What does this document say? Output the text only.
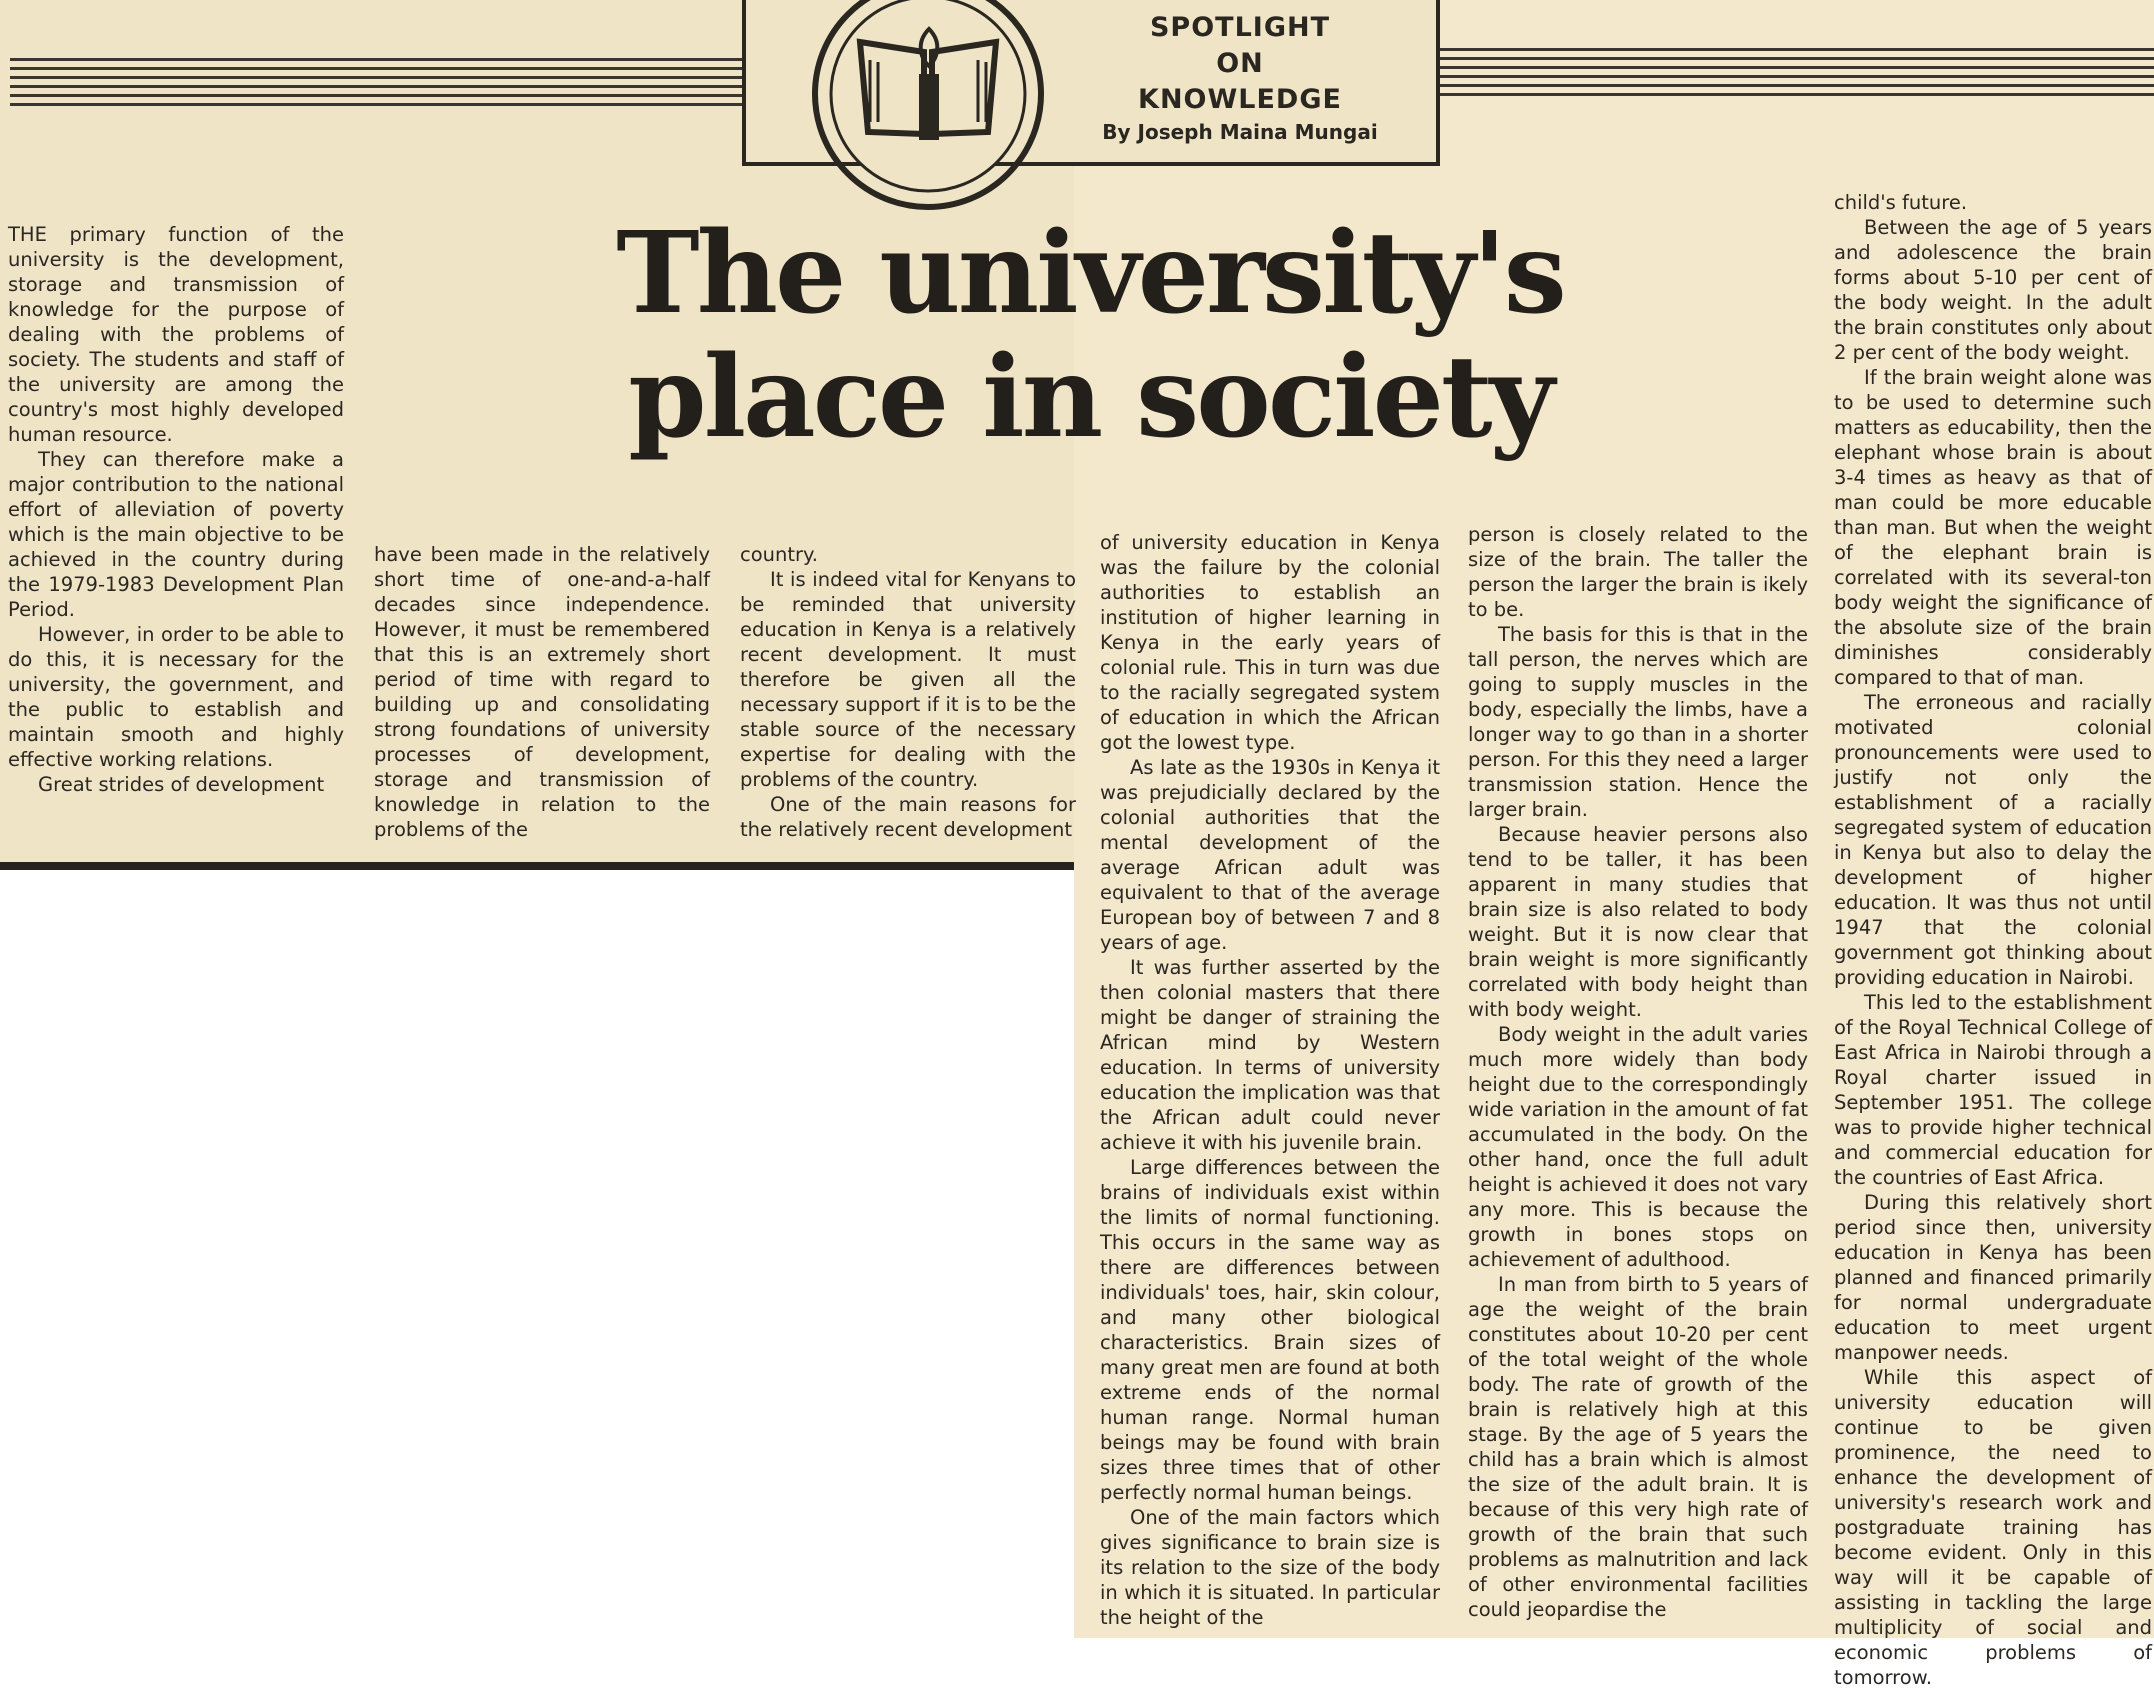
SPOTLIGHT
ON
KNOWLEDGE
By Joseph Maina Mungai
The university's
place in society

THE primary function of the university is the development, storage and transmission of knowledge for the purpose of dealing with the problems of society. The students and staff of the university are among the country's most highly developed human resource.

They can therefore make a major contribution to the national effort of alleviation of poverty which is the main objective to be achieved in the country during the 1979-1983 Development Plan Period.

However, in order to be able to do this, it is necessary for the university, the government, and the public to establish and maintain smooth and highly effective working relations.

Great strides of development

have been made in the relatively short time of one-and-a-half decades since independence. However, it must be remembered that this is an extremely short period of time with regard to building up and consolidating strong foundations of university processes of development, storage and transmission of knowledge in relation to the problems of the

country.

It is indeed vital for Kenyans to be reminded that university education in Kenya is a relatively recent development. It must therefore be given all the necessary support if it is to be the stable source of the necessary expertise for dealing with the problems of the country.

One of the main reasons for the relatively recent development

of university education in Kenya was the failure by the colonial authorities to establish an institution of higher learning in Kenya in the early years of colonial rule. This in turn was due to the racially segregated system of education in which the African got the lowest type.

As late as the 1930s in Kenya it was prejudicially declared by the colonial authorities that the mental development of the average African adult was equivalent to that of the average European boy of between 7 and 8 years of age.

It was further asserted by the then colonial masters that there might be danger of straining the African mind by Western education. In terms of university education the implication was that the African adult could never achieve it with his juvenile brain.

Large differences between the brains of individuals exist within the limits of normal functioning. This occurs in the same way as there are differences between individuals' toes, hair, skin colour, and many other biological characteristics. Brain sizes of many great men are found at both extreme ends of the normal human range. Normal human beings may be found with brain sizes three times that of other perfectly normal human beings.

One of the main factors which gives significance to brain size is its relation to the size of the body in which it is situated. In particular the height of the

person is closely related to the size of the brain. The taller the person the larger the brain is ikely to be.

The basis for this is that in the tall person, the nerves which are going to supply muscles in the body, especially the limbs, have a longer way to go than in a shorter person. For this they need a larger transmission station. Hence the larger brain.

Because heavier persons also tend to be taller, it has been apparent in many studies that brain size is also related to body weight. But it is now clear that brain weight is more significantly correlated with body height than with body weight.

Body weight in the adult varies much more widely than body height due to the correspondingly wide variation in the amount of fat accumulated in the body. On the other hand, once the full adult height is achieved it does not vary any more. This is because the growth in bones stops on achievement of adulthood.

In man from birth to 5 years of age the weight of the brain constitutes about 10-20 per cent of the total weight of the whole body. The rate of growth of the brain is relatively high at this stage. By the age of 5 years the child has a brain which is almost the size of the adult brain. It is because of this very high rate of growth of the brain that such problems as malnutrition and lack of other environmental facilities could jeopardise the

child's future.

Between the age of 5 years and adolescence the brain forms about 5-10 per cent of the body weight. In the adult the brain constitutes only about 2 per cent of the body weight.

If the brain weight alone was to be used to determine such matters as educability, then the elephant whose brain is about 3-4 times as heavy as that of man could be more educable than man. But when the weight of the elephant brain is correlated with its several-ton body weight the significance of the absolute size of the brain diminishes considerably compared to that of man.

The erroneous and racially motivated colonial pronouncements were used to justify not only the establishment of a racially segregated system of education in Kenya but also to delay the development of higher education. It was thus not until 1947 that the colonial government got thinking about providing education in Nairobi.

This led to the establishment of the Royal Technical College of East Africa in Nairobi through a Royal charter issued in September 1951. The college was to provide higher technical and commercial education for the countries of East Africa.

During this relatively short period since then, university education in Kenya has been planned and financed primarily for normal undergraduate education to meet urgent manpower needs.

While this aspect of university education will continue to be given prominence, the need to enhance the development of university's research work and postgraduate training has become evident. Only in this way will it be capable of assisting in tackling the large multiplicity of social and economic problems of tomorrow.
